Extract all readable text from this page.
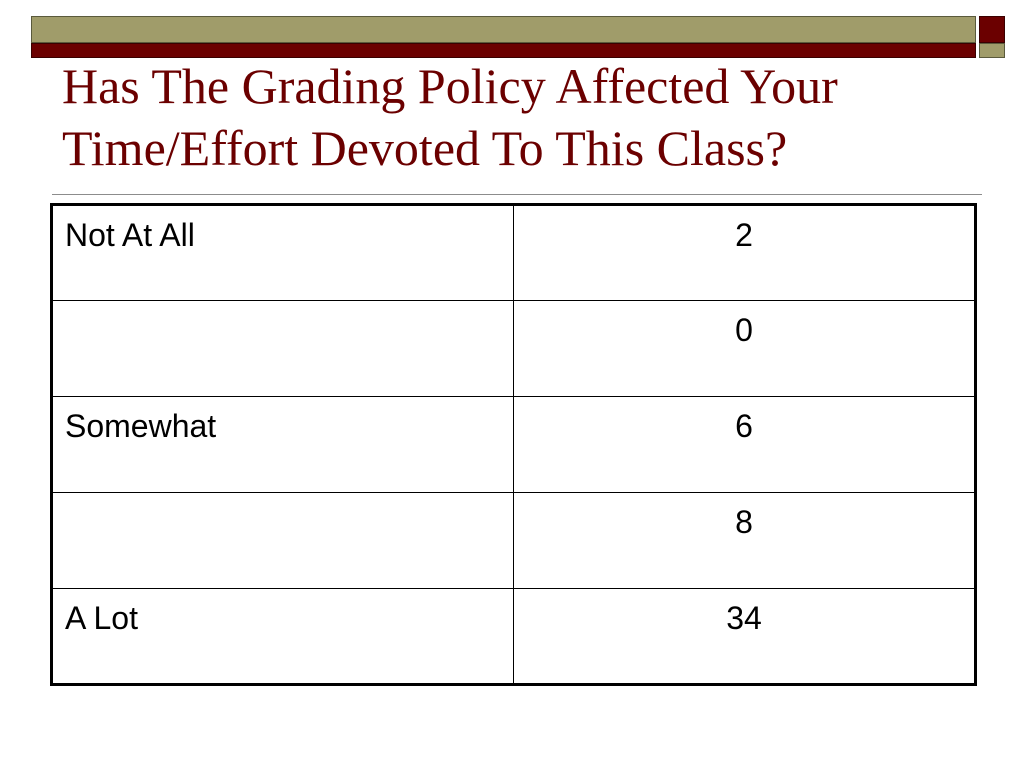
Has The Grading Policy Affected Your
Time/Effort Devoted To This Class?
Not At All	2
	0
Somewhat	6
	8
A Lot	34
